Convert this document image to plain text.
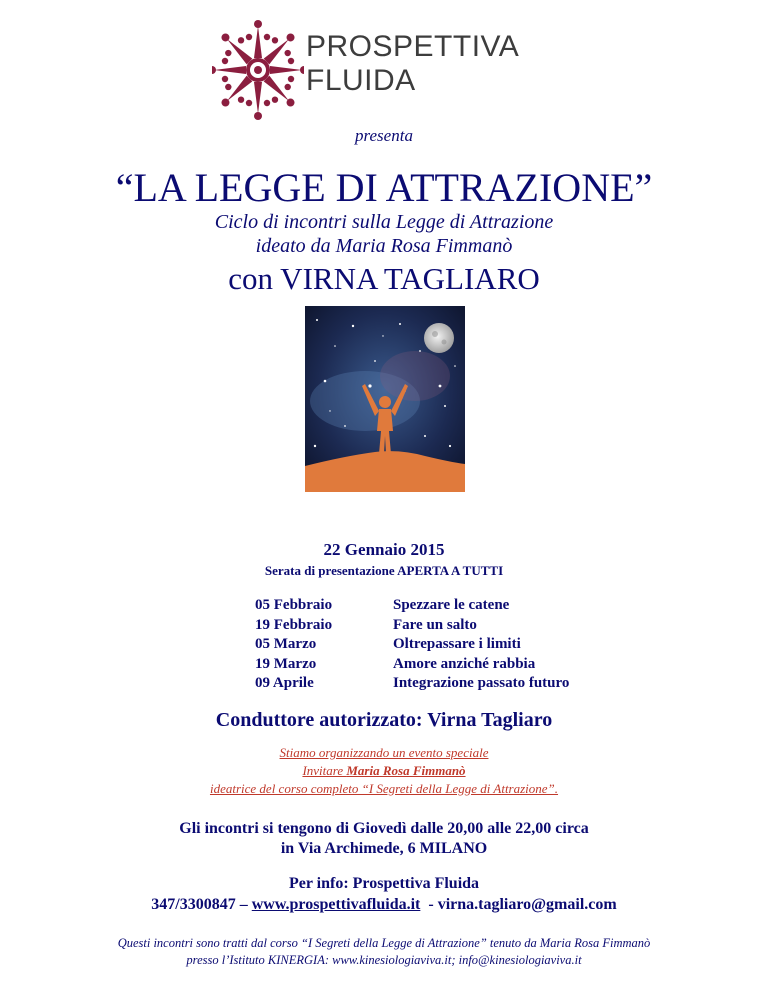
PROSPETTIVA
FLUIDA
presenta
“LA LEGGE DI ATTRAZIONE”
Ciclo di incontri sulla Legge di Attrazione
ideato da Maria Rosa Fimmanò
con VIRNA TAGLIARO
22 Gennaio 2015
Serata di presentazione APERTA A TUTTI
05 Febbraio
19 Febbraio
05 Marzo
19 Marzo
09 Aprile
Spezzare le catene
Fare un salto
Oltrepassare i limiti
Amore anziché rabbia
Integrazione passato futuro
Conduttore autorizzato: Virna Tagliaro
Stiamo organizzando un evento speciale
Invitare Maria Rosa Fimmanò
ideatrice del corso completo “I Segreti della Legge di Attrazione”.
Gli incontri si tengono di Giovedì dalle 20,00 alle 22,00 circa
in Via Archimede, 6 MILANO
Per info: Prospettiva Fluida
347/3300847 – www.prospettivafluida.it  - virna.tagliaro@gmail.com
Questi incontri sono tratti dal corso “I Segreti della Legge di Attrazione” tenuto da Maria Rosa Fimmanò
presso l’Istituto KINERGIA: www.kinesiologiaviva.it; info@kinesiologiaviva.it
